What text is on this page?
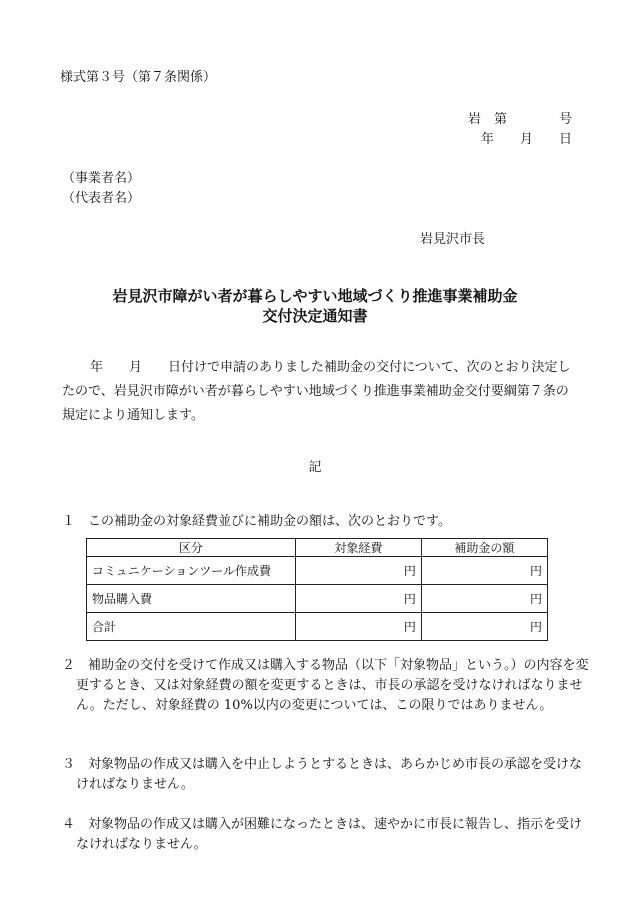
様式第３号（第７条関係）
岩　第　　　　号
年　　月　　日
（事業者名）
（代表者名）
岩見沢市長
岩見沢市障がい者が暮らしやすい地域づくり推進事業補助金
交付決定通知書
年　　月　　日付けで申請のありました補助金の交付について、次のとおり決定したので、岩見沢市障がい者が暮らしやすい地域づくり推進事業補助金交付要綱第７条の規定により通知します。
記
１　この補助金の対象経費並びに補助金の額は、次のとおりです。
区分	対象経費	補助金の額
コミュニケーションツール作成費	円	円
物品購入費	円	円
合計	円	円
２　補助金の交付を受けて作成又は購入する物品（以下「対象物品」という。）の内容を変更するとき、又は対象経費の額を変更するときは、市長の承認を受けなければなりません。ただし、対象経費の 10%以内の変更については、この限りではありません。
３　対象物品の作成又は購入を中止しようとするときは、あらかじめ市長の承認を受けなければなりません。
４　対象物品の作成又は購入が困難になったときは、速やかに市長に報告し、指示を受けなければなりません。
